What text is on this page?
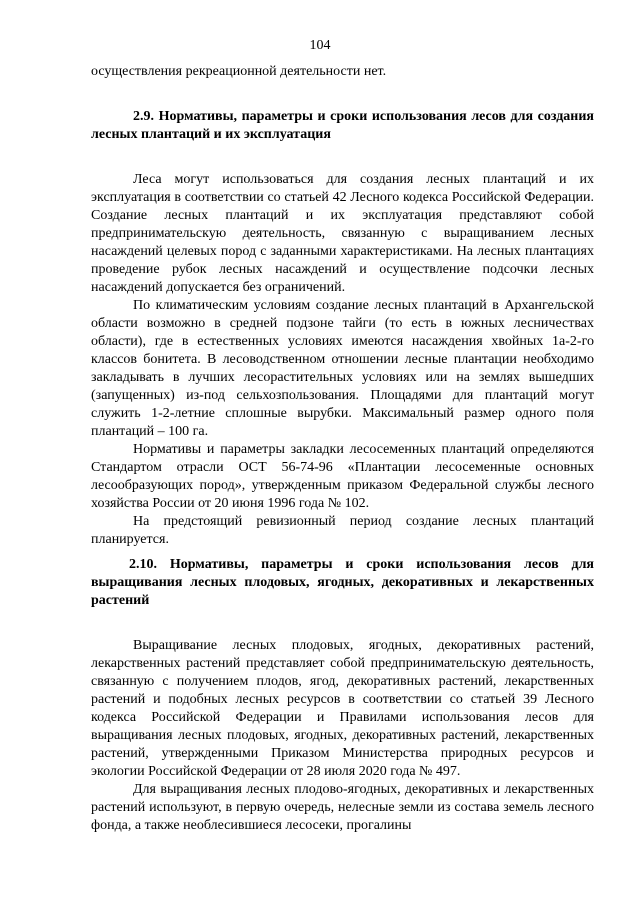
104

осуществления рекреационной деятельности нет.

2.9. Нормативы, параметры и сроки использования лесов для создания лесных плантаций и их эксплуатация

Леса могут использоваться для создания лесных плантаций и их эксплуатация в соответствии со статьей 42 Лесного кодекса Российской Федерации. Создание лесных плантаций и их эксплуатация представляют собой предпринимательскую деятельность, связанную с выращиванием лесных насаждений целевых пород с заданными характеристиками. На лесных плантациях проведение рубок лесных насаждений и осуществление подсочки лесных насаждений допускается без ограничений.

По климатическим условиям создание лесных плантаций в Архангельской области возможно в средней подзоне тайги (то есть в южных лесничествах области), где в естественных условиях имеются насаждения хвойных 1а-2-го классов бонитета. В лесоводственном отношении лесные плантации необходимо закладывать в лучших лесорастительных условиях или на землях вышедших (запущенных) из-под сельхозпользования. Площадями для плантаций могут служить 1-2-летние сплошные вырубки. Максимальный размер одного поля плантаций – 100 га.

Нормативы и параметры закладки лесосеменных плантаций определяются Стандартом отрасли ОСТ 56-74-96 «Плантации лесосеменные основных лесообразующих пород», утвержденным приказом Федеральной службы лесного хозяйства России от 20 июня 1996 года № 102.

На предстоящий ревизионный период создание лесных плантаций планируется.

2.10. Нормативы, параметры и сроки использования лесов для выращивания лесных плодовых, ягодных, декоративных и лекарственных растений

Выращивание лесных плодовых, ягодных, декоративных растений, лекарственных растений представляет собой предпринимательскую деятельность, связанную с получением плодов, ягод, декоративных растений, лекарственных растений и подобных лесных ресурсов в соответствии со статьей 39 Лесного кодекса Российской Федерации и Правилами использования лесов для выращивания лесных плодовых, ягодных, декоративных растений, лекарственных растений, утвержденными Приказом Министерства природных ресурсов и экологии Российской Федерации от 28 июля 2020 года № 497.

Для выращивания лесных плодово-ягодных, декоративных и лекарственных растений используют, в первую очередь, нелесные земли из состава земель лесного фонда, а также необлесившиеся лесосеки, прогалины
